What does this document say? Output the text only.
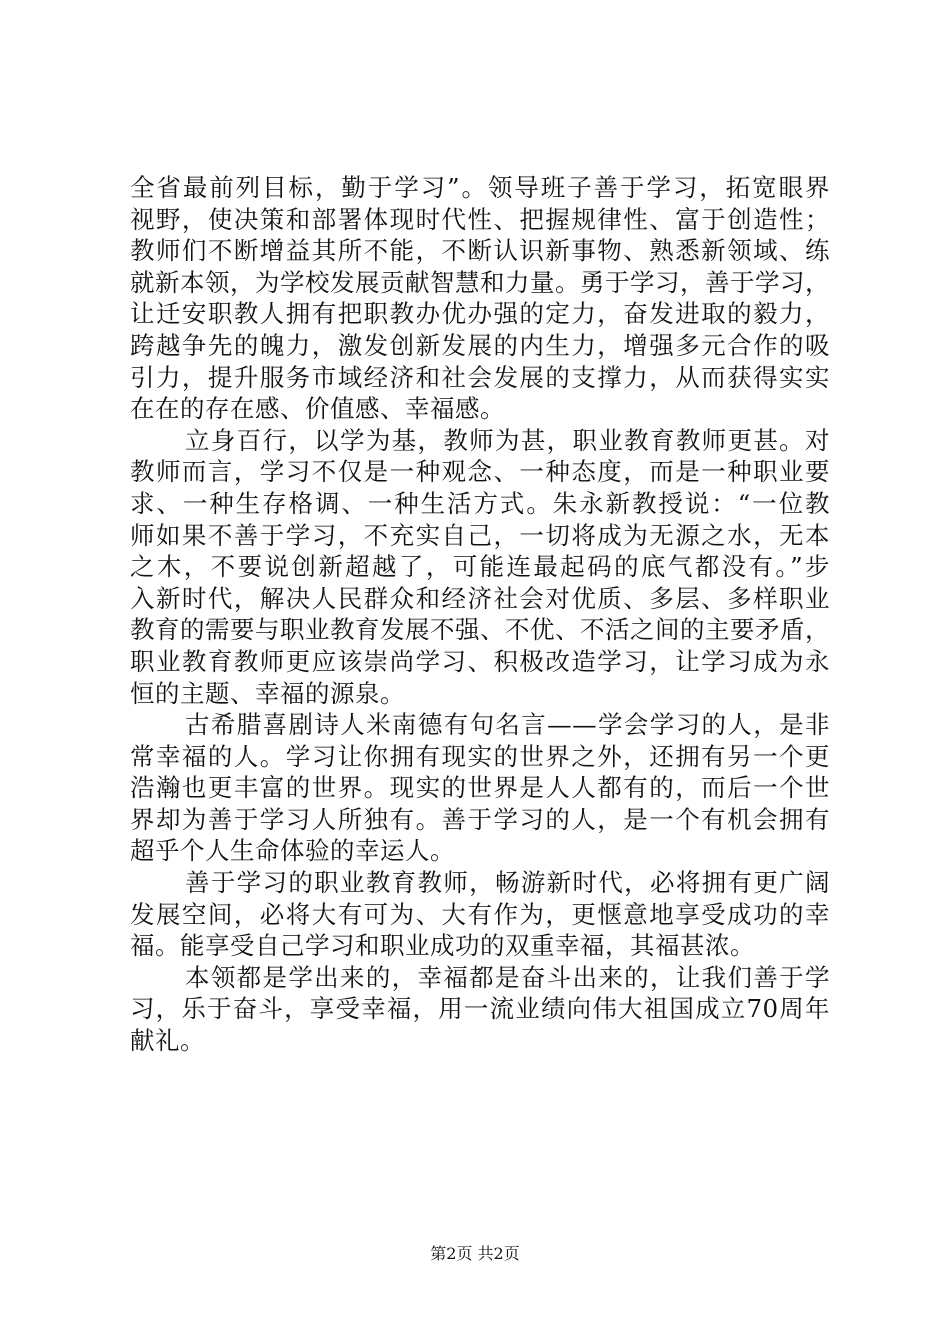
全省最前列目标，勤于学习”。领导班子善于学习，拓宽眼界
视野，使决策和部署体现时代性、把握规律性、富于创造性；
教师们不断增益其所不能，不断认识新事物、熟悉新领域、练
就新本领，为学校发展贡献智慧和力量。勇于学习，善于学习，
让迁安职教人拥有把职教办优办强的定力，奋发进取的毅力，
跨越争先的魄力，激发创新发展的内生力，增强多元合作的吸
引力，提升服务市域经济和社会发展的支撑力，从而获得实实
在在的存在感、价值感、幸福感。
立身百行，以学为基，教师为甚，职业教育教师更甚。对
教师而言，学习不仅是一种观念、一种态度，而是一种职业要
求、一种生存格调、一种生活方式。朱永新教授说：“一位教
师如果不善于学习，不充实自己，一切将成为无源之水，无本
之木，不要说创新超越了，可能连最起码的底气都没有。”步
入新时代，解决人民群众和经济社会对优质、多层、多样职业
教育的需要与职业教育发展不强、不优、不活之间的主要矛盾，
职业教育教师更应该崇尚学习、积极改造学习，让学习成为永
恒的主题、幸福的源泉。
古希腊喜剧诗人米南德有句名言——学会学习的人，是非
常幸福的人。学习让你拥有现实的世界之外，还拥有另一个更
浩瀚也更丰富的世界。现实的世界是人人都有的，而后一个世
界却为善于学习人所独有。善于学习的人，是一个有机会拥有
超乎个人生命体验的幸运人。
善于学习的职业教育教师，畅游新时代，必将拥有更广阔
发展空间，必将大有可为、大有作为，更惬意地享受成功的幸
福。能享受自己学习和职业成功的双重幸福，其福甚浓。
本领都是学出来的，幸福都是奋斗出来的，让我们善于学
习，乐于奋斗，享受幸福，用一流业绩向伟大祖国成立70周年
献礼。
第2页 共2页
